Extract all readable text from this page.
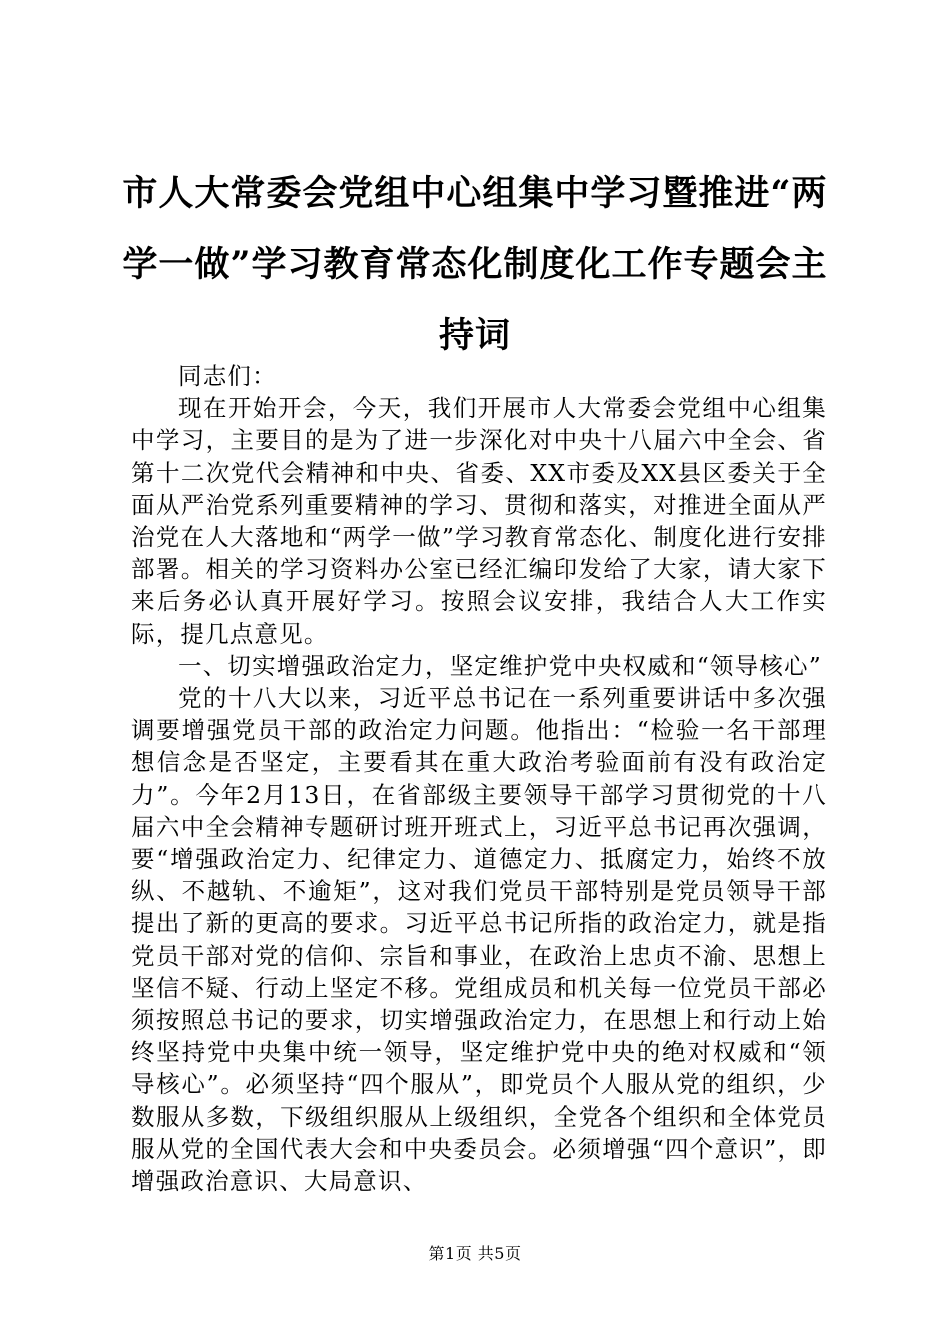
市人大常委会党组中心组集中学习暨推进“两学一做”学习教育常态化制度化工作专题会主持词

同志们：

现在开始开会，今天，我们开展市人大常委会党组中心组集中学习，主要目的是为了进一步深化对中央十八届六中全会、省第十二次党代会精神和中央、省委、XX市委及XX县区委关于全面从严治党系列重要精神的学习、贯彻和落实，对推进全面从严治党在人大落地和“两学一做”学习教育常态化、制度化进行安排部署。相关的学习资料办公室已经汇编印发给了大家，请大家下来后务必认真开展好学习。按照会议安排，我结合人大工作实际，提几点意见。

一、切实增强政治定力，坚定维护党中央权威和“领导核心”

党的十八大以来，习近平总书记在一系列重要讲话中多次强调要增强党员干部的政治定力问题。他指出：“检验一名干部理想信念是否坚定，主要看其在重大政治考验面前有没有政治定力”。今年2月13日，在省部级主要领导干部学习贯彻党的十八届六中全会精神专题研讨班开班式上，习近平总书记再次强调，要“增强政治定力、纪律定力、道德定力、抵腐定力，始终不放纵、不越轨、不逾矩”，这对我们党员干部特别是党员领导干部提出了新的更高的要求。习近平总书记所指的政治定力，就是指党员干部对党的信仰、宗旨和事业，在政治上忠贞不渝、思想上坚信不疑、行动上坚定不移。党组成员和机关每一位党员干部必须按照总书记的要求，切实增强政治定力，在思想上和行动上始终坚持党中央集中统一领导，坚定维护党中央的绝对权威和“领导核心”。必须坚持“四个服从”，即党员个人服从党的组织，少数服从多数，下级组织服从上级组织，全党各个组织和全体党员服从党的全国代表大会和中央委员会。必须增强“四个意识”，即增强政治意识、大局意识、

第1页 共5页
